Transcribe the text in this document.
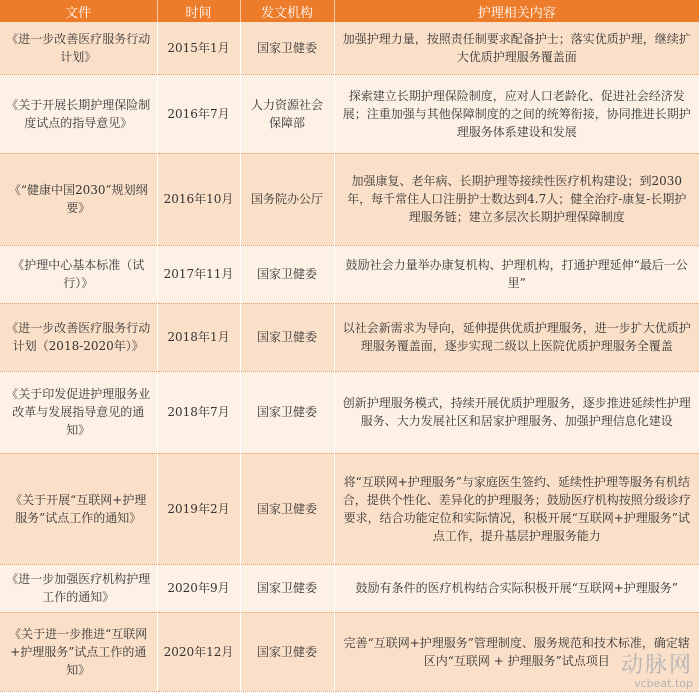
文件	时间	发文机构	护理相关内容
《进一步改善医疗服务行动计划》	2015年1月	国家卫健委	加强护理力量，按照责任制要求配备护士；落实优质护理，继续扩大优质护理服务覆盖面
《关于开展长期护理保险制度试点的指导意见》	2016年7月	人力资源社会保障部	探索建立长期护理保险制度，应对人口老龄化、促进社会经济发展；注重加强与其他保障制度的之间的统筹衔接，协同推进长期护理服务体系建设和发展
《“健康中国2030”规划纲要》	2016年10月	国务院办公厅	加强康复、老年病、长期护理等接续性医疗机构建设；到2030年，每千常住人口注册护士数达到4.7人；健全治疗-康复-长期护理服务链；建立多层次长期护理保障制度
《护理中心基本标准（试行）》	2017年11月	国家卫健委	鼓励社会力量举办康复机构、护理机构，打通护理延伸“最后一公里”
《进一步改善医疗服务行动计划（2018-2020年）》	2018年1月	国家卫健委	以社会新需求为导向，延伸提供优质护理服务，进一步扩大优质护理服务覆盖面，逐步实现二级以上医院优质护理服务全覆盖
《关于印发促进护理服务业改革与发展指导意见的通知》	2018年7月	国家卫健委	创新护理服务模式，持续开展优质护理服务，逐步推进延续性护理服务、大力发展社区和居家护理服务、加强护理信息化建设
《关于开展“互联网+护理服务”试点工作的通知》	2019年2月	国家卫健委	将“互联网+护理服务”与家庭医生签约、延续性护理等服务有机结合，提供个性化、差异化的护理服务；鼓励医疗机构按照分级诊疗要求，结合功能定位和实际情况，积极开展“互联网+护理服务”试点工作，提升基层护理服务能力
《进一步加强医疗机构护理工作的通知》	2020年9月	国家卫健委	鼓励有条件的医疗机构结合实际积极开展“互联网+护理服务”
《关于进一步推进“互联网+护理服务”试点工作的通知》	2020年12月	国家卫健委	完善“互联网+护理服务”管理制度、服务规范和技术标准，确定辖区内“互联网 + 护理服务”试点项目 动脉网
vcbeat.top
